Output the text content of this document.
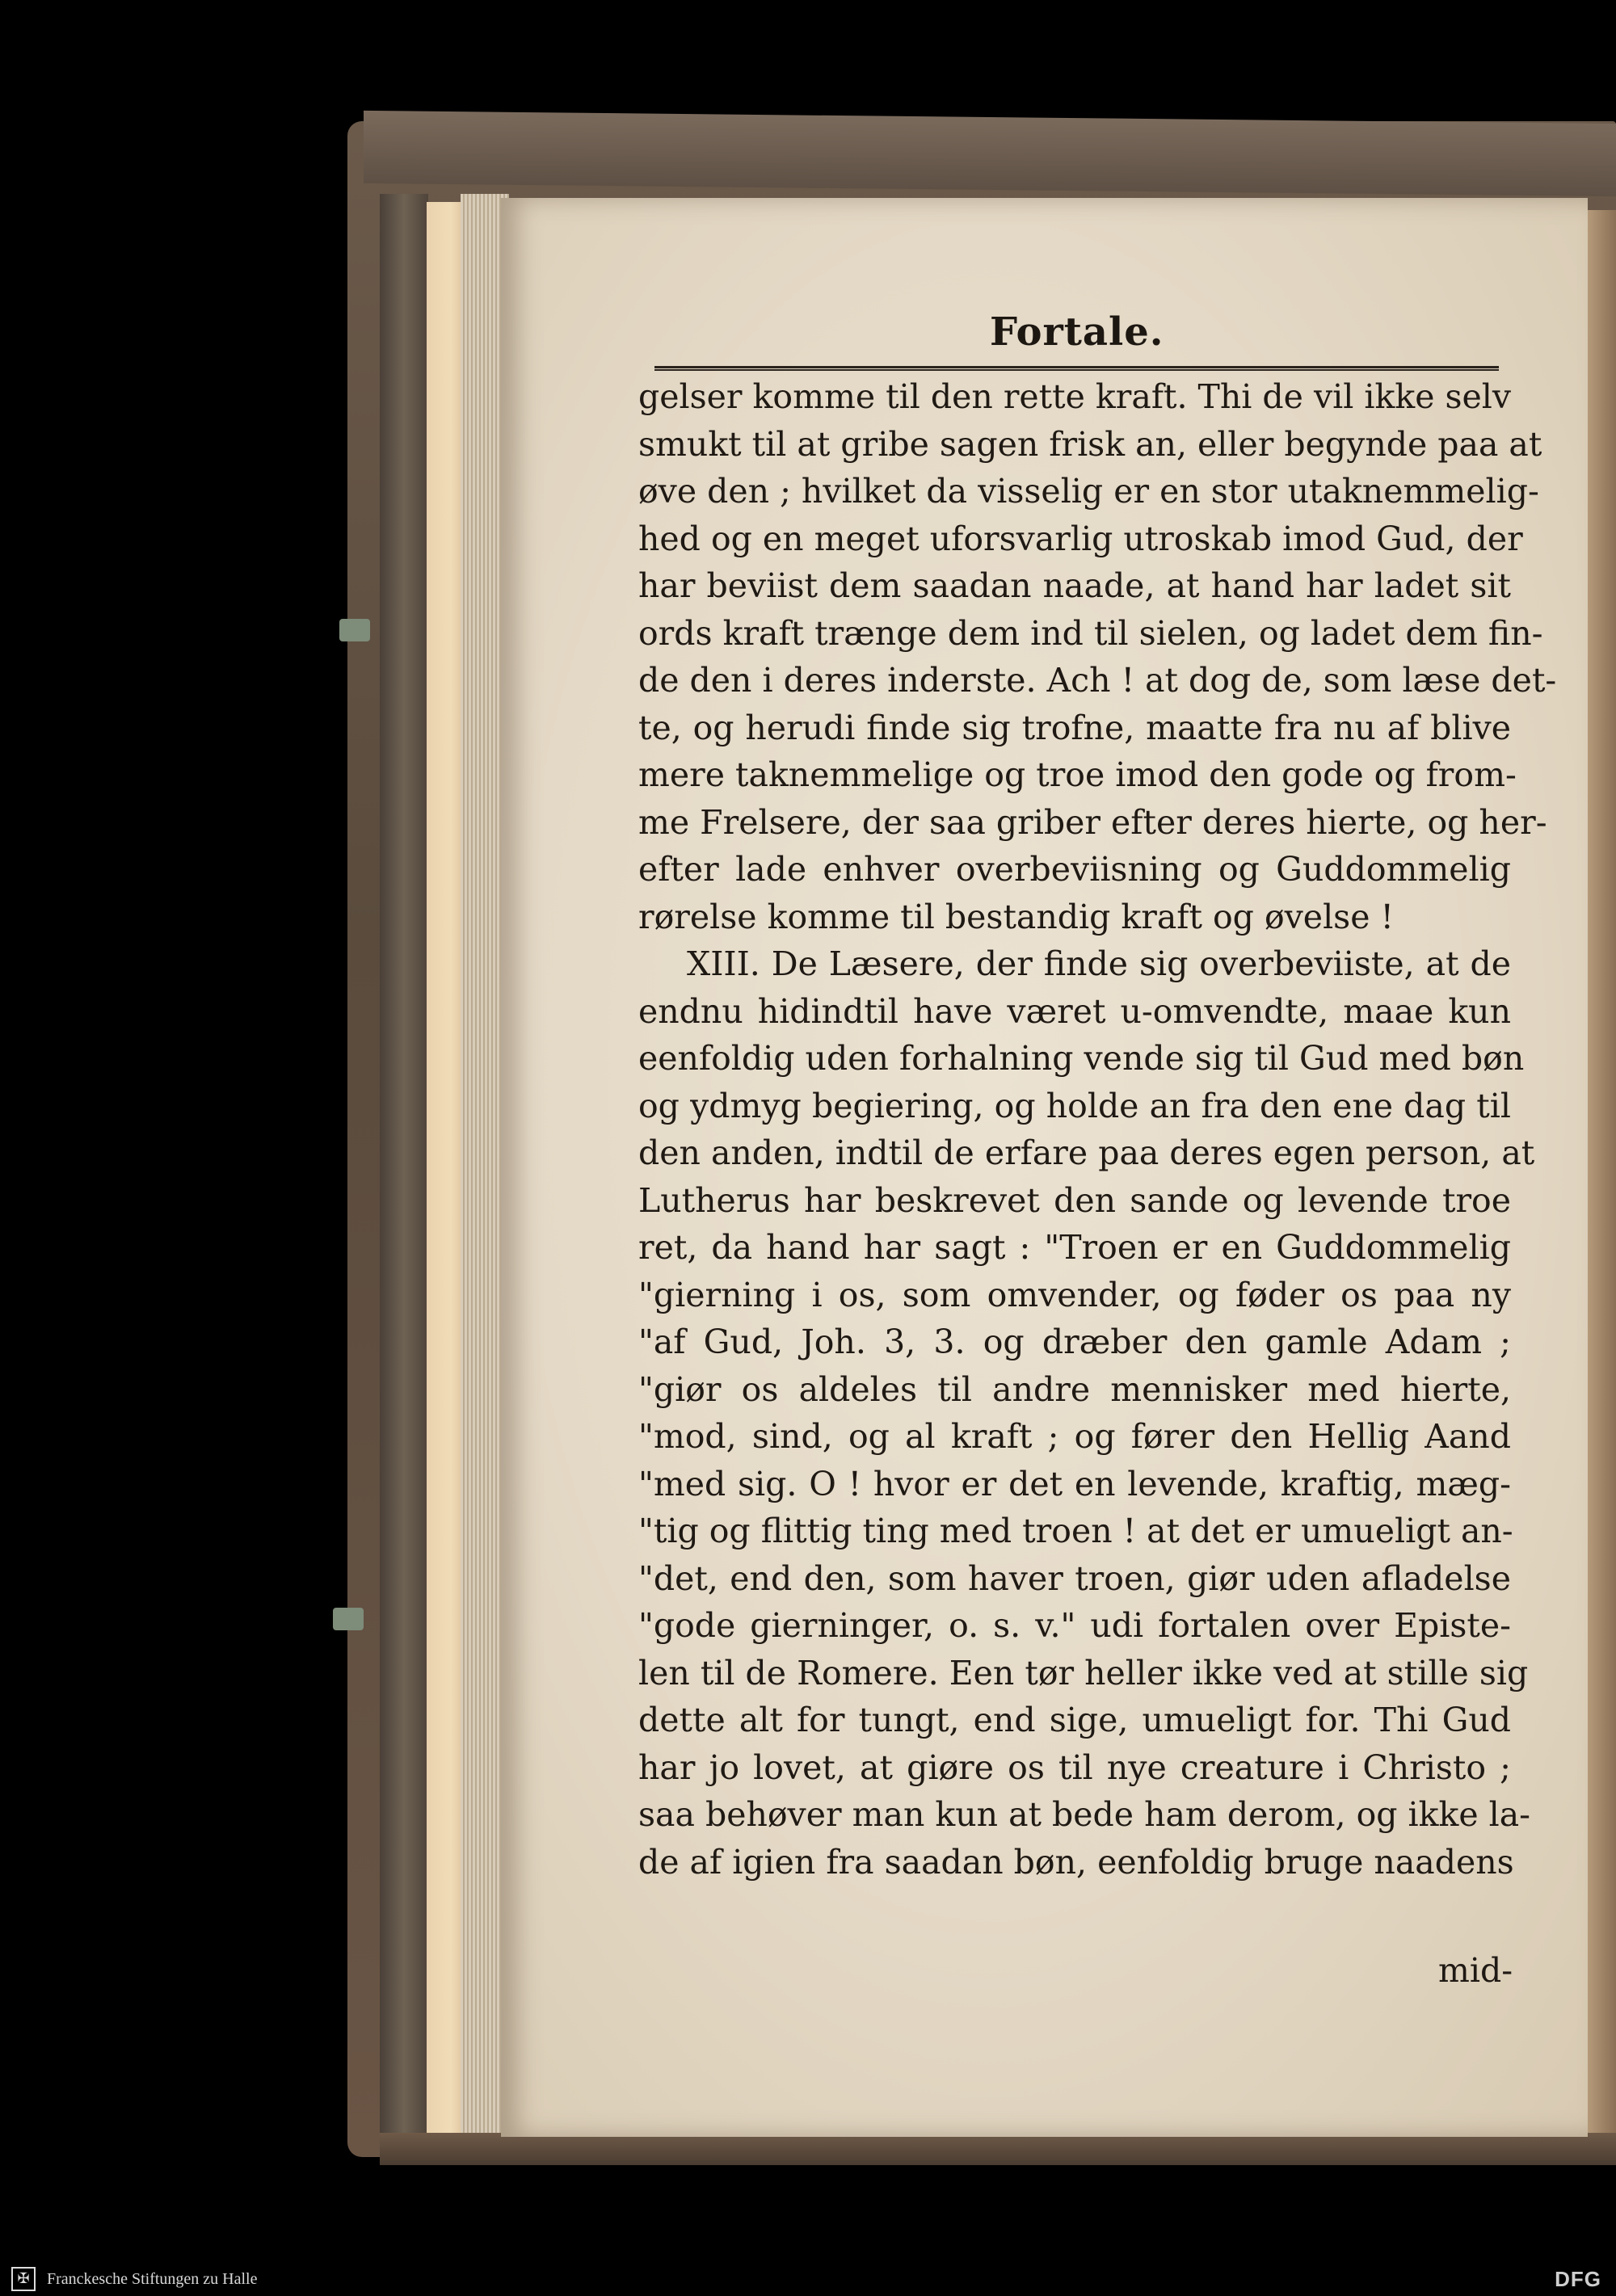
Fortale.
gelser komme til den rette kraft. Thi de vil ikke selv
smukt til at gribe sagen frisk an, eller begynde paa at
øve den ; hvilket da visselig er en stor utaknemmelig-
hed og en meget uforsvarlig utroskab imod Gud, der
har beviist dem saadan naade, at hand har ladet sit
ords kraft trænge dem ind til sielen, og ladet dem fin-
de den i deres inderste. Ach ! at dog de, som læse det-
te, og herudi finde sig trofne, maatte fra nu af blive
mere taknemmelige og troe imod den gode og from-
me Frelsere, der saa griber efter deres hierte, og her-
efter lade enhver overbeviisning og Guddommelig
rørelse komme til bestandig kraft og øvelse !
XIII. De Læsere, der finde sig overbeviiste, at de
endnu hidindtil have været u-omvendte, maae kun
eenfoldig uden forhalning vende sig til Gud med bøn
og ydmyg begiering, og holde an fra den ene dag til
den anden, indtil de erfare paa deres egen person, at
Lutherus har beskrevet den sande og levende troe
ret, da hand har sagt : "Troen er en Guddommelig
"gierning i os, som omvender, og føder os paa ny
"af Gud, Joh. 3, 3. og dræber den gamle Adam ;
"giør os aldeles til andre mennisker med hierte,
"mod, sind, og al kraft ; og fører den Hellig Aand
"med sig. O ! hvor er det en levende, kraftig, mæg-
"tig og flittig ting med troen ! at det er umueligt an-
"det, end den, som haver troen, giør uden afladelse
"gode gierninger, o. s. v." udi fortalen over Epistе-
len til de Romere. Een tør heller ikke ved at stille sig
dette alt for tungt, end sige, umueligt for. Thi Gud
har jo lovet, at giøre os til nye creature i Christo ;
saa behøver man kun at bede ham derom, og ikke la-
de af igien fra saadan bøn, eenfoldig bruge naadens
mid-
✠	Franckesche Stiftungen zu Halle	DFG
